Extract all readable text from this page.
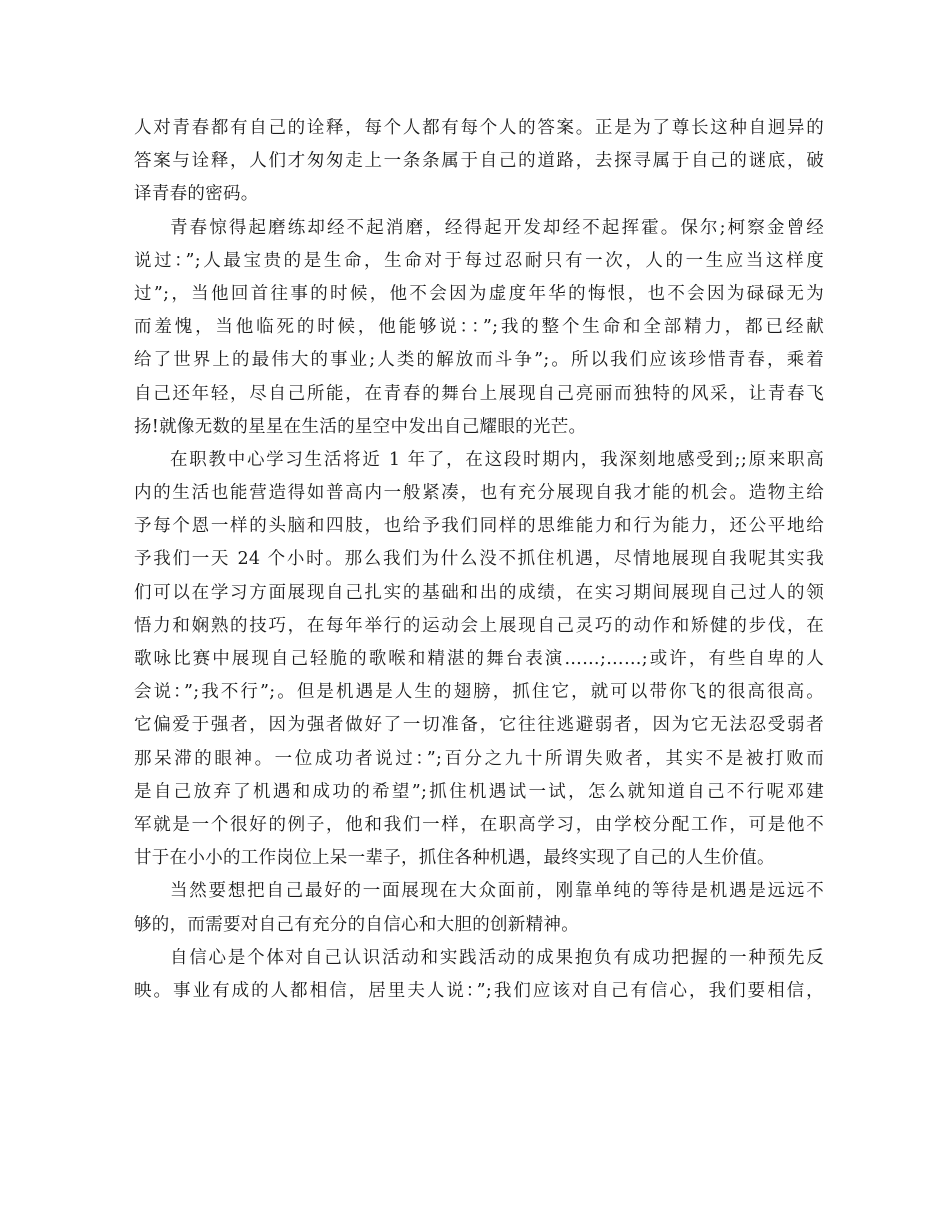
人对青春都有自己的诠释，每个人都有每个人的答案。正是为了尊长这种自迥异的
答案与诠释，人们才匆匆走上一条条属于自己的道路，去探寻属于自己的谜底，破
译青春的密码。
青春惊得起磨练却经不起消磨，经得起开发却经不起挥霍。保尔;柯察金曾经
说过：”;人最宝贵的是生命，生命对于每过忍耐只有一次，人的一生应当这样度
过”;，当他回首往事的时候，他不会因为虚度年华的悔恨，也不会因为碌碌无为
而羞愧，当他临死的时候，他能够说：：”;我的整个生命和全部精力，都已经献
给了世界上的最伟大的事业;人类的解放而斗争”;。所以我们应该珍惜青春，乘着
自己还年轻，尽自己所能，在青春的舞台上展现自己亮丽而独特的风采，让青春飞
扬!就像无数的星星在生活的星空中发出自己耀眼的光芒。
在职教中心学习生活将近 1 年了，在这段时期内，我深刻地感受到;;原来职高
内的生活也能营造得如普高内一般紧凑，也有充分展现自我才能的机会。造物主给
予每个恩一样的头脑和四肢，也给予我们同样的思维能力和行为能力，还公平地给
予我们一天 24 个小时。那么我们为什么没不抓住机遇，尽情地展现自我呢其实我
们可以在学习方面展现自己扎实的基础和出的成绩，在实习期间展现自己过人的领
悟力和娴熟的技巧，在每年举行的运动会上展现自己灵巧的动作和矫健的步伐，在
歌咏比赛中展现自己轻脆的歌喉和精湛的舞台表演……;……;或许，有些自卑的人
会说：”;我不行”;。但是机遇是人生的翅膀，抓住它，就可以带你飞的很高很高。
它偏爱于强者，因为强者做好了一切准备，它往往逃避弱者，因为它无法忍受弱者
那呆滞的眼神。一位成功者说过：”;百分之九十所谓失败者，其实不是被打败而
是自己放弃了机遇和成功的希望”;抓住机遇试一试，怎么就知道自己不行呢邓建
军就是一个很好的例子，他和我们一样，在职高学习，由学校分配工作，可是他不
甘于在小小的工作岗位上呆一辈子，抓住各种机遇，最终实现了自己的人生价值。
当然要想把自己最好的一面展现在大众面前，刚靠单纯的等待是机遇是远远不
够的，而需要对自己有充分的自信心和大胆的创新精神。
自信心是个体对自己认识活动和实践活动的成果抱负有成功把握的一种预先反
映。事业有成的人都相信，居里夫人说：”;我们应该对自己有信心，我们要相信，
